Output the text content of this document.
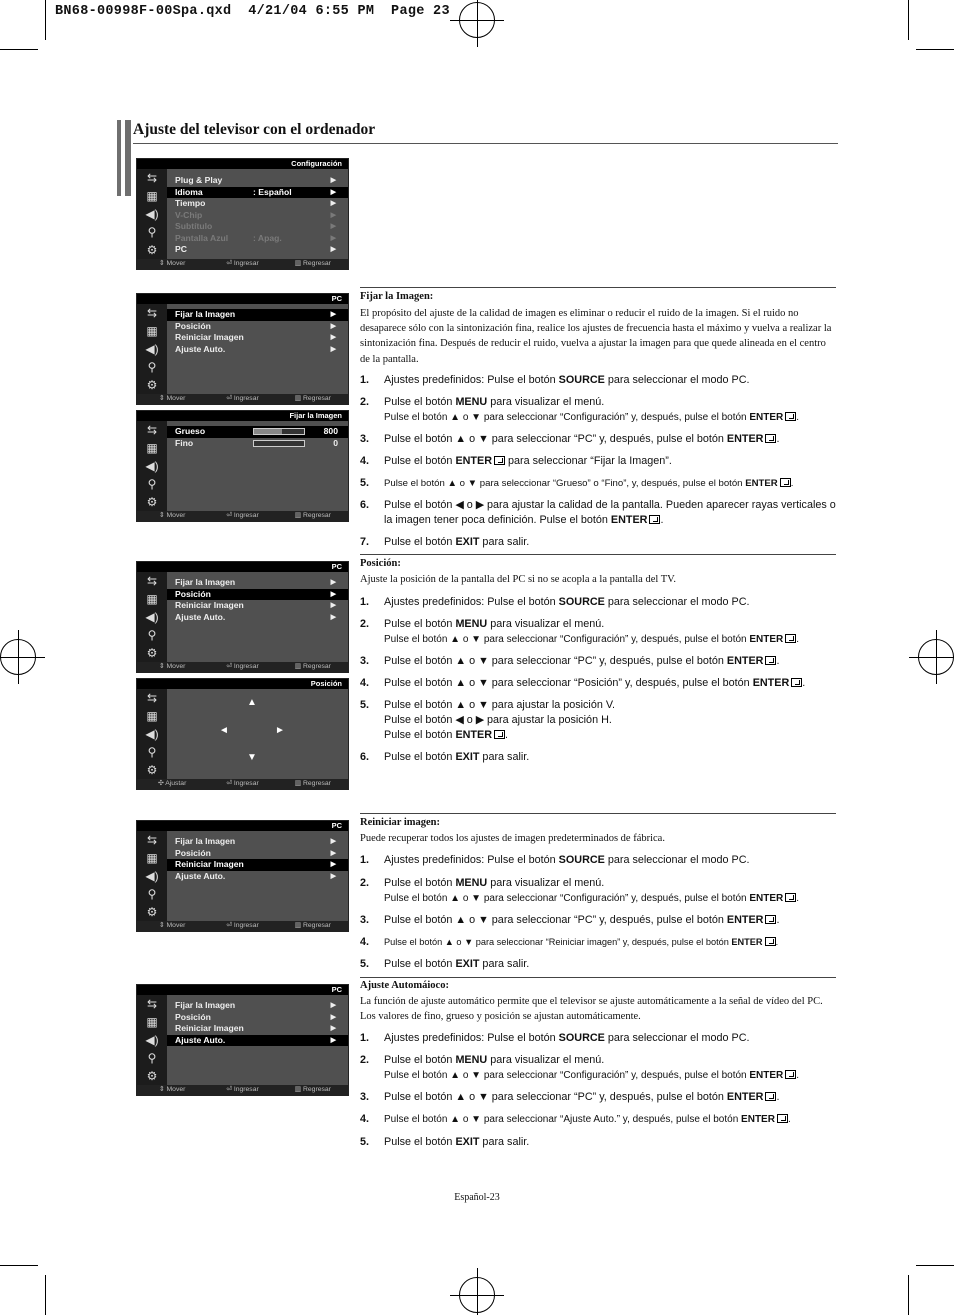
BN68-00998F-00Spa.qxd  4/21/04 6:55 PM  Page 23
Ajuste del televisor con el ordenador
Configuración
⇆
▦
◀)
⚲
⚙
Plug & Play	▶
Idioma	: Español	▶
Tiempo	▶
V-Chip	▶
Subtítulo	▶
Pantalla Azul	: Apag.	▶
PC	▶
⇕ Mover	⏎ Ingresar	▥ Regresar
PC
⇆
▦
◀)
⚲
⚙
Fijar la Imagen	▶
Posición	▶
Reiniciar Imagen	▶
Ajuste Auto.	▶
⇕ Mover	⏎ Ingresar	▥ Regresar
Fijar la Imagen
⇆
▦
◀)
⚲
⚙
Grueso	800
Fino	0
⇕ Mover	⏎ Ingresar	▥ Regresar
PC
⇆
▦
◀)
⚲
⚙
Fijar la Imagen	▶
Posición	▶
Reiniciar Imagen	▶
Ajuste Auto.	▶
⇕ Mover	⏎ Ingresar	▥ Regresar
Posición
⇆
▦
◀)
⚲
⚙
▲
◄	►
▼
✣ Ajustar	⏎ Ingresar	▥ Regresar
PC
⇆
▦
◀)
⚲
⚙
Fijar la Imagen	▶
Posición	▶
Reiniciar Imagen	▶
Ajuste Auto.	▶
⇕ Mover	⏎ Ingresar	▥ Regresar
PC
⇆
▦
◀)
⚲
⚙
Fijar la Imagen	▶
Posición	▶
Reiniciar Imagen	▶
Ajuste Auto.	▶
⇕ Mover	⏎ Ingresar	▥ Regresar
Fijar la Imagen:
El propósito del ajuste de la calidad de imagen es eliminar o reducir el ruido de la imagen. Si el ruido no desaparece sólo con la sintonización fina, realice los ajustes de frecuencia hasta el máximo y vuelva a realizar la sintonización fina. Después de reducir el ruido, vuelva a ajustar la imagen para que quede alineada en el centro de la pantalla.
1. Ajustes predefinidos: Pulse el botón SOURCE para seleccionar el modo PC.
2. Pulse el botón MENU para visualizar el menú.
Pulse el botón ▲ o ▼ para seleccionar “Configuración” y, después, pulse el botón ENTER .
3. Pulse el botón ▲ o ▼ para seleccionar “PC” y, después, pulse el botón ENTER .
4. Pulse el botón ENTER para seleccionar “Fijar la Imagen”.
5. Pulse el botón ▲ o ▼ para seleccionar “Grueso” o “Fino”, y, después, pulse el botón ENTER .
6. Pulse el botón ◀ o ▶ para ajustar la calidad de la pantalla. Pueden aparecer rayas verticales o la imagen tener poca definición. Pulse el botón ENTER .
7. Pulse el botón EXIT para salir.
Posición:
Ajuste la posición de la pantalla del PC si no se acopla a la pantalla del TV.
1. Ajustes predefinidos: Pulse el botón SOURCE para seleccionar el modo PC.
2. Pulse el botón MENU para visualizar el menú.
Pulse el botón ▲ o ▼ para seleccionar “Configuración” y, después, pulse el botón ENTER .
3. Pulse el botón ▲ o ▼ para seleccionar “PC” y, después, pulse el botón ENTER .
4. Pulse el botón ▲ o ▼ para seleccionar “Posición” y, después, pulse el botón ENTER .
5. Pulse el botón ▲ o ▼ para ajustar la posición V.
Pulse el botón ◀ o ▶ para ajustar la posición H.
Pulse el botón ENTER .
6. Pulse el botón EXIT para salir.
Reiniciar imagen:
Puede recuperar todos los ajustes de imagen predeterminados de fábrica.
1. Ajustes predefinidos: Pulse el botón SOURCE para seleccionar el modo PC.
2. Pulse el botón MENU para visualizar el menú.
Pulse el botón ▲ o ▼ para seleccionar “Configuración” y, después, pulse el botón ENTER .
3. Pulse el botón ▲ o ▼ para seleccionar “PC” y, después, pulse el botón ENTER .
4. Pulse el botón ▲ o ▼ para seleccionar “Reiniciar imagen” y, después, pulse el botón ENTER .
5. Pulse el botón EXIT para salir.
Ajuste Automáioco:
La función de ajuste automático permite que el televisor se ajuste automáticamente a la señal de vídeo del PC. Los valores de fino, grueso y posición se ajustan automáticamente.
1. Ajustes predefinidos: Pulse el botón SOURCE para seleccionar el modo PC.
2. Pulse el botón MENU para visualizar el menú.
Pulse el botón ▲ o ▼ para seleccionar “Configuración” y, después, pulse el botón ENTER .
3. Pulse el botón ▲ o ▼ para seleccionar “PC” y, después, pulse el botón ENTER .
4. Pulse el botón ▲ o ▼ para seleccionar “Ajuste Auto.” y, después, pulse el botón ENTER .
5. Pulse el botón EXIT para salir.
Español-23
